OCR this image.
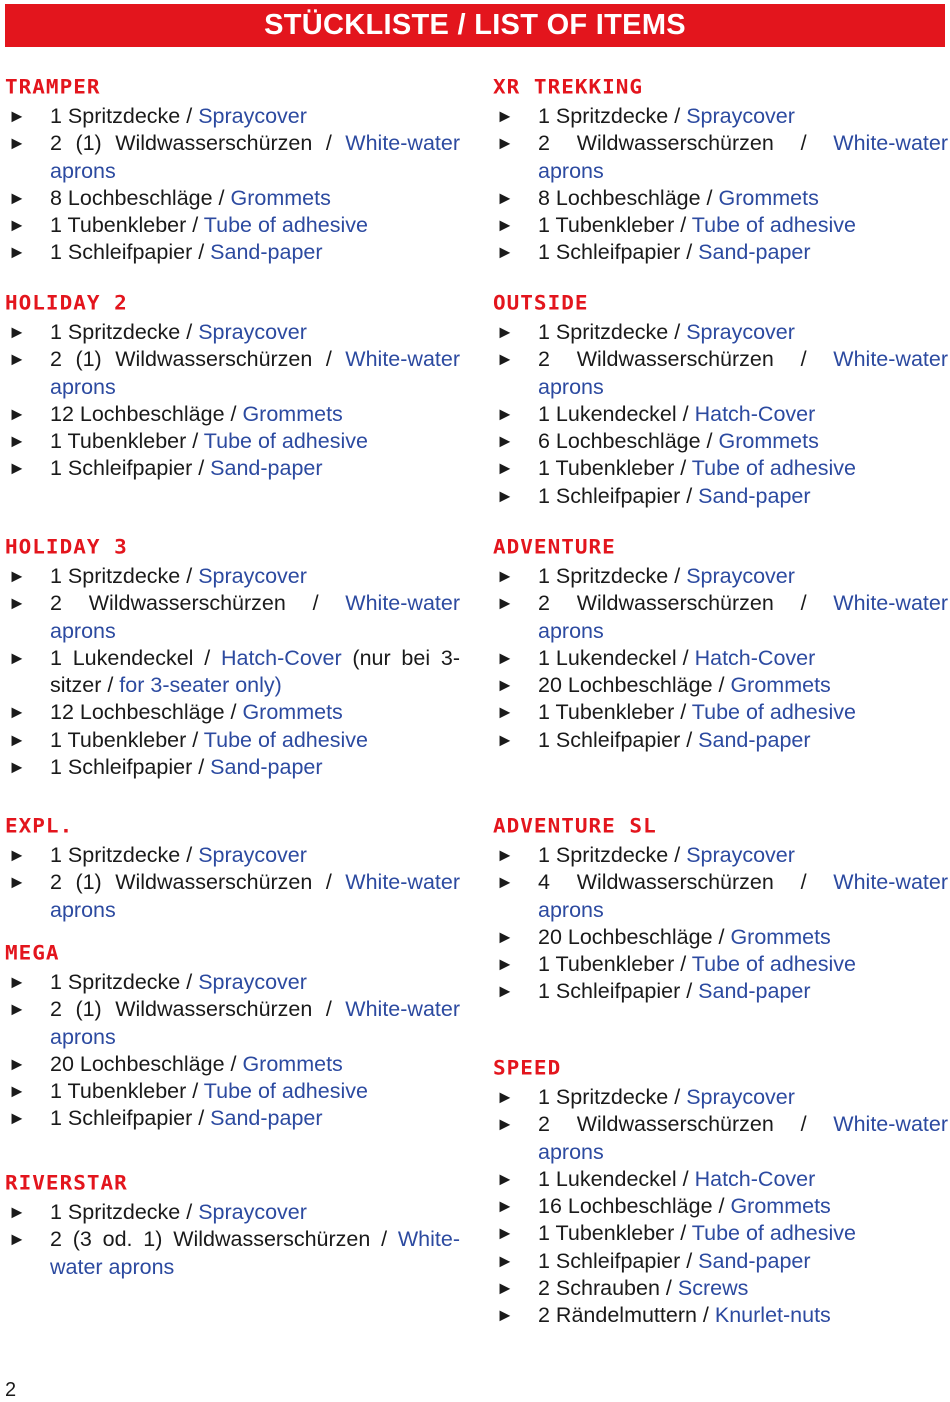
STÜCKLISTE / LIST OF ITEMS
TRAMPER
► 1 Spritzdecke / Spraycover
► 2 (1) Wildwasserschürzen / White-water aprons
► 8 Lochbeschläge / Grommets
► 1 Tubenkleber / Tube of adhesive
► 1 Schleifpapier / Sand-paper
HOLIDAY 2
► 1 Spritzdecke / Spraycover
► 2 (1) Wildwasserschürzen / White-water aprons
► 12 Lochbeschläge / Grommets
► 1 Tubenkleber / Tube of adhesive
► 1 Schleifpapier / Sand-paper
HOLIDAY 3
► 1 Spritzdecke / Spraycover
► 2 Wildwasserschürzen / White-water aprons
► 1 Lukendeckel / Hatch-Cover (nur bei 3-sitzer / for 3-seater only)
► 12 Lochbeschläge / Grommets
► 1 Tubenkleber / Tube of adhesive
► 1 Schleifpapier / Sand-paper
EXPL.
► 1 Spritzdecke / Spraycover
► 2 (1) Wildwasserschürzen / White-water aprons
MEGA
► 1 Spritzdecke / Spraycover
► 2 (1) Wildwasserschürzen / White-water aprons
► 20 Lochbeschläge / Grommets
► 1 Tubenkleber / Tube of adhesive
► 1 Schleifpapier / Sand-paper
RIVERSTAR
► 1 Spritzdecke / Spraycover
► 2 (3 od. 1) Wildwasserschürzen / White-water aprons
XR TREKKING
► 1 Spritzdecke / Spraycover
► 2 Wildwasserschürzen / White-water aprons
► 8 Lochbeschläge / Grommets
► 1 Tubenkleber / Tube of adhesive
► 1 Schleifpapier / Sand-paper
OUTSIDE
► 1 Spritzdecke / Spraycover
► 2 Wildwasserschürzen / White-water aprons
► 1 Lukendeckel / Hatch-Cover
► 6 Lochbeschläge / Grommets
► 1 Tubenkleber / Tube of adhesive
► 1 Schleifpapier / Sand-paper
ADVENTURE
► 1 Spritzdecke / Spraycover
► 2 Wildwasserschürzen / White-water aprons
► 1 Lukendeckel / Hatch-Cover
► 20 Lochbeschläge / Grommets
► 1 Tubenkleber / Tube of adhesive
► 1 Schleifpapier / Sand-paper
ADVENTURE SL
► 1 Spritzdecke / Spraycover
► 4 Wildwasserschürzen / White-water aprons
► 20 Lochbeschläge / Grommets
► 1 Tubenkleber / Tube of adhesive
► 1 Schleifpapier / Sand-paper
SPEED
► 1 Spritzdecke / Spraycover
► 2 Wildwasserschürzen / White-water aprons
► 1 Lukendeckel / Hatch-Cover
► 16 Lochbeschläge / Grommets
► 1 Tubenkleber / Tube of adhesive
► 1 Schleifpapier / Sand-paper
► 2 Schrauben / Screws
► 2 Rändelmuttern / Knurlet-nuts
2
